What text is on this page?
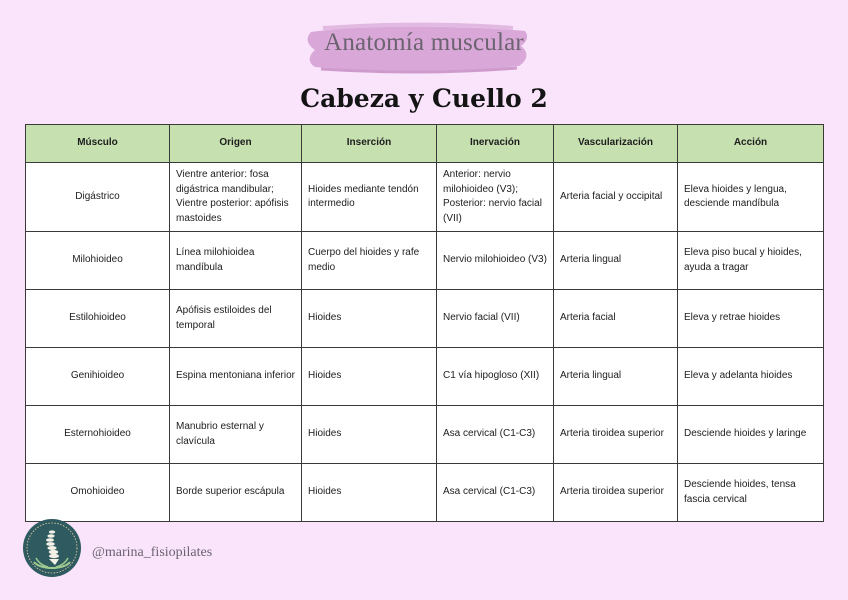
Anatomía muscular
Cabeza y Cuello 2
Músculo	Origen	Inserción	Inervación	Vascularización	Acción
Digástrico	Vientre anterior: fosa digástrica mandibular; Vientre posterior: apófisis mastoides	Hioides mediante tendón intermedio	Anterior: nervio milohioideo (V3); Posterior: nervio facial (VII)	Arteria facial y occipital	Eleva hioides y lengua, desciende mandíbula
Milohioideo	Línea milohioidea mandíbula	Cuerpo del hioides y rafe medio	Nervio milohioideo (V3)	Arteria lingual	Eleva piso bucal y hioides, ayuda a tragar
Estilohioideo	Apófisis estiloides del temporal	Hioides	Nervio facial (VII)	Arteria facial	Eleva y retrae hioides
Genihioideo	Espina mentoniana inferior	Hioides	C1 vía hipogloso (XII)	Arteria lingual	Eleva y adelanta hioides
Esternohioideo	Manubrio esternal y clavícula	Hioides	Asa cervical (C1-C3)	Arteria tiroidea superior	Desciende hioides y laringe
Omohioideo	Borde superior escápula	Hioides	Asa cervical (C1-C3)	Arteria tiroidea superior	Desciende hioides, tensa fascia cervical
@marina_fisiopilates
